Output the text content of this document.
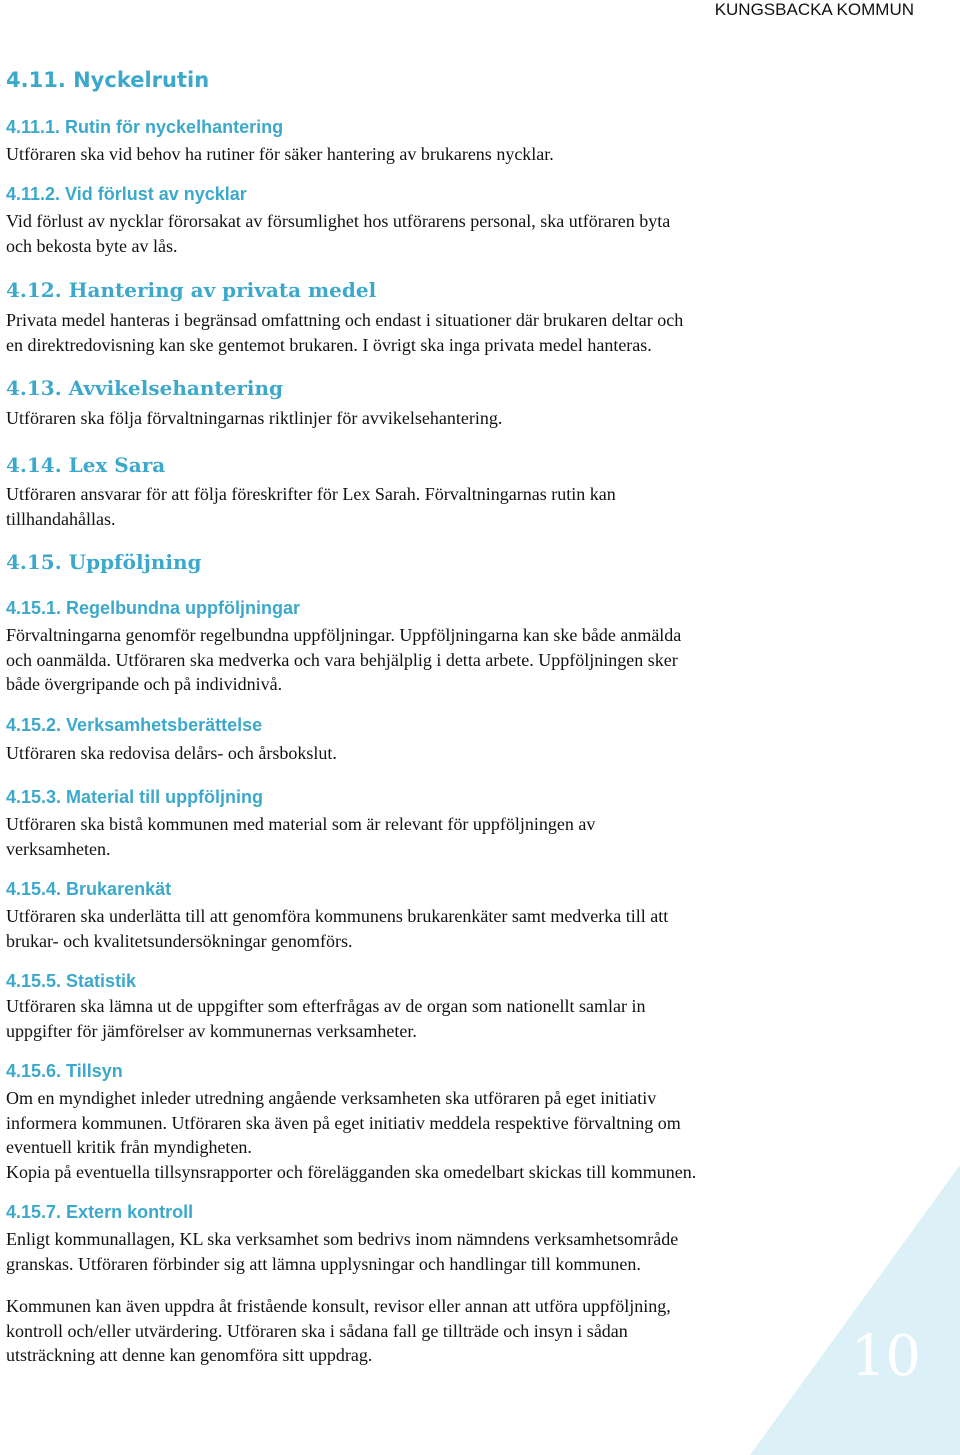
10
KUNGSBACKA KOMMUN
4.11. Nyckelrutin
4.11.1. Rutin för nyckelhantering

Utföraren ska vid behov ha rutiner för säker hantering av brukarens nycklar.

4.11.2. Vid förlust av nycklar

Vid förlust av nycklar förorsakat av försumlighet hos utförarens personal, ska utföraren byta
och bekosta byte av lås.

4.12. Hantering av privata medel

Privata medel hanteras i begränsad omfattning och endast i situationer där brukaren deltar och
en direktredovisning kan ske gentemot brukaren. I övrigt ska inga privata medel hanteras.

4.13. Avvikelsehantering

Utföraren ska följa förvaltningarnas riktlinjer för avvikelsehantering.

4.14. Lex Sara

Utföraren ansvarar för att följa föreskrifter för Lex Sarah. Förvaltningarnas rutin kan
tillhandahållas.

4.15. Uppföljning
4.15.1. Regelbundna uppföljningar

Förvaltningarna genomför regelbundna uppföljningar. Uppföljningarna kan ske både anmälda
och oanmälda. Utföraren ska medverka och vara behjälplig i detta arbete. Uppföljningen sker
både övergripande och på individnivå.

4.15.2. Verksamhetsberättelse

Utföraren ska redovisa delårs- och årsbokslut.

4.15.3. Material till uppföljning

Utföraren ska bistå kommunen med material som är relevant för uppföljningen av
verksamheten.

4.15.4. Brukarenkät

Utföraren ska underlätta till att genomföra kommunens brukarenkäter samt medverka till att
brukar- och kvalitetsundersökningar genomförs.

4.15.5. Statistik

Utföraren ska lämna ut de uppgifter som efterfrågas av de organ som nationellt samlar in
uppgifter för jämförelser av kommunernas verksamheter.

4.15.6. Tillsyn

Om en myndighet inleder utredning angående verksamheten ska utföraren på eget initiativ
informera kommunen. Utföraren ska även på eget initiativ meddela respektive förvaltning om
eventuell kritik från myndigheten.
Kopia på eventuella tillsynsrapporter och förelägganden ska omedelbart skickas till kommunen.

4.15.7. Extern kontroll

Enligt kommunallagen, KL ska verksamhet som bedrivs inom nämndens verksamhetsområde
granskas. Utföraren förbinder sig att lämna upplysningar och handlingar till kommunen.

Kommunen kan även uppdra åt fristående konsult, revisor eller annan att utföra uppföljning,
kontroll och/eller utvärdering. Utföraren ska i sådana fall ge tillträde och insyn i sådan
utsträckning att denne kan genomföra sitt uppdrag.
